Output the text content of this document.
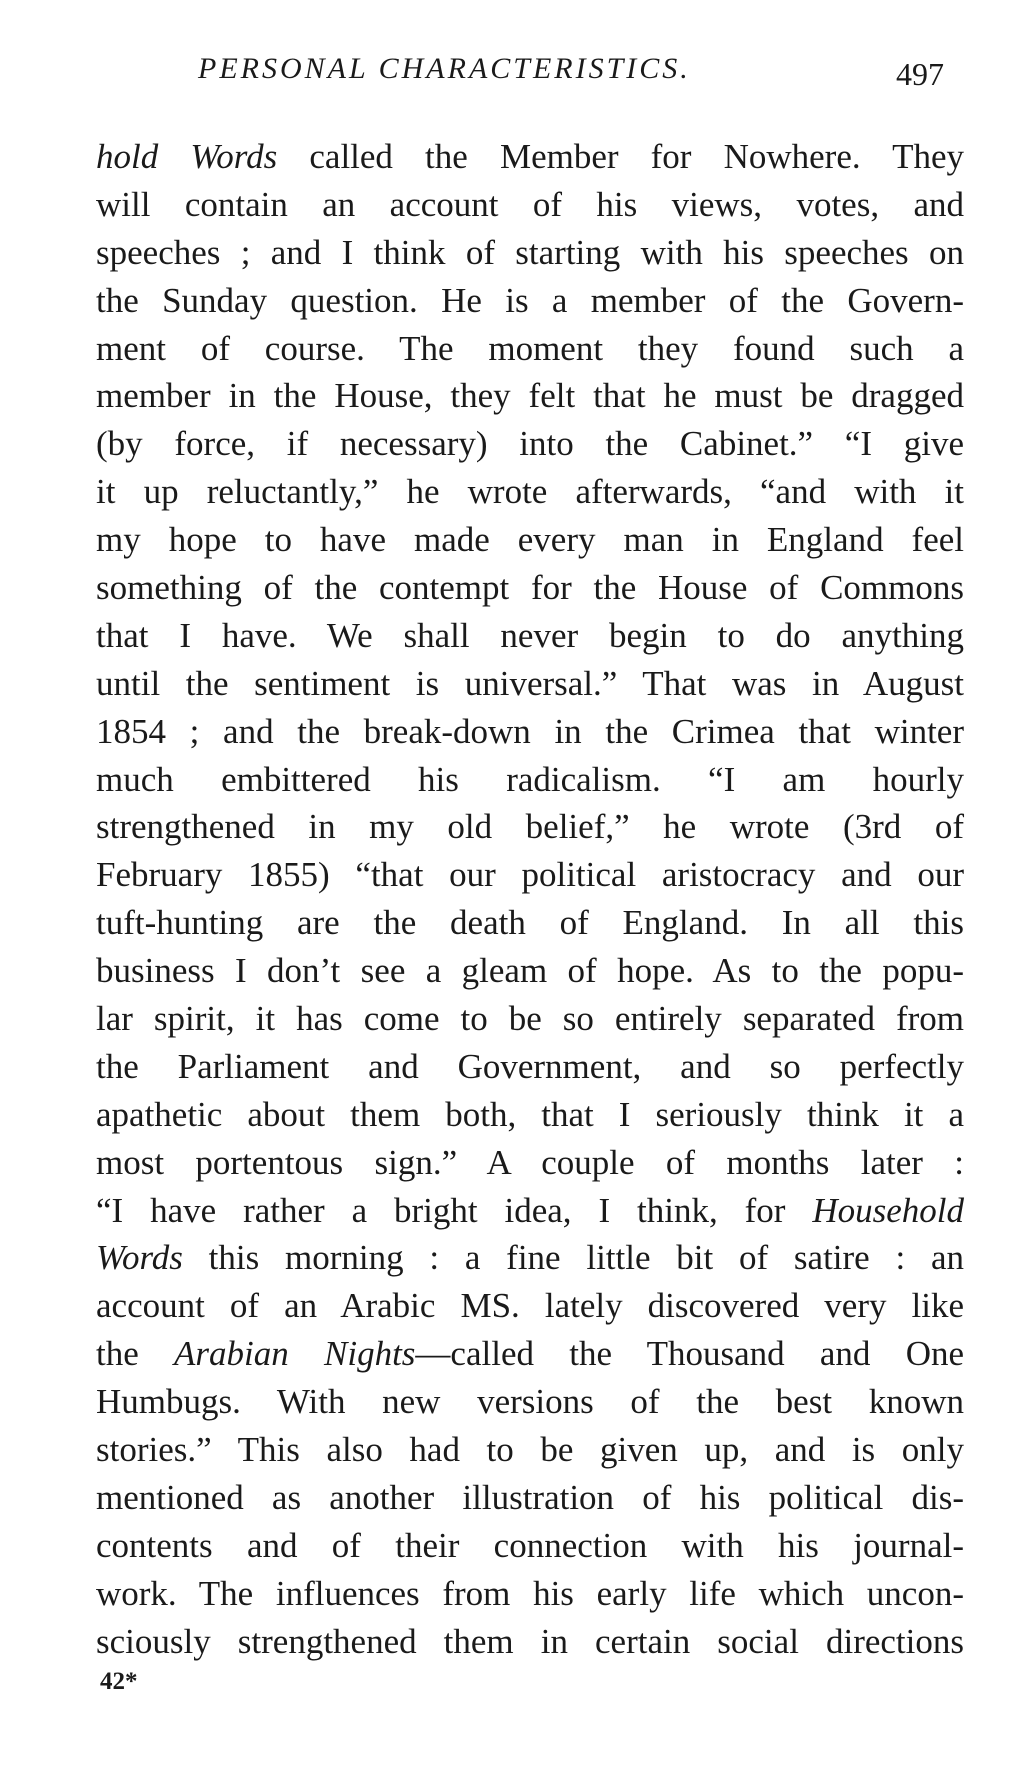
PERSONAL CHARACTERISTICS.	497
hold Words called the Member for Nowhere. They
will contain an account of his views, votes, and
speeches ; and I think of starting with his speeches on
the Sunday question. He is a member of the Govern-
ment of course. The moment they found such a
member in the House, they felt that he must be dragged
(by force, if necessary) into the Cabinet.” “I give
it up reluctantly,” he wrote afterwards, “and with it
my hope to have made every man in England feel
something of the contempt for the House of Commons
that I have. We shall never begin to do anything
until the sentiment is universal.” That was in August
1854 ; and the break-down in the Crimea that winter
much embittered his radicalism. “I am hourly
strengthened in my old belief,” he wrote (3rd of
February 1855) “that our political aristocracy and our
tuft-hunting are the death of England. In all this
business I don’t see a gleam of hope. As to the popu-
lar spirit, it has come to be so entirely separated from
the Parliament and Government, and so perfectly
apathetic about them both, that I seriously think it a
most portentous sign.” A couple of months later :
“I have rather a bright idea, I think, for Household
Words this morning : a fine little bit of satire : an
account of an Arabic MS. lately discovered very like
the Arabian Nights—called the Thousand and One
Humbugs. With new versions of the best known
stories.” This also had to be given up, and is only
mentioned as another illustration of his political dis-
contents and of their connection with his journal-
work. The influences from his early life which uncon-
sciously strengthened them in certain social directions
42*
